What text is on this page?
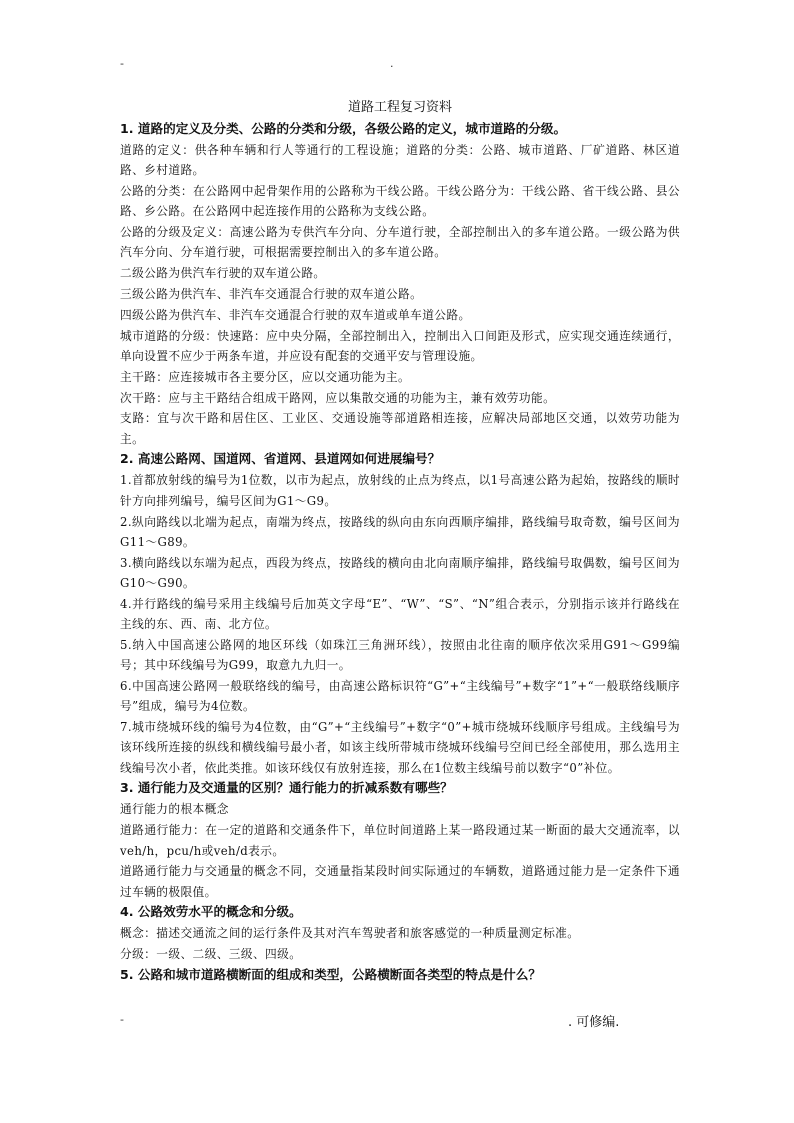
-	.
道路工程复习资料
1. 道路的定义及分类、公路的分类和分级，各级公路的定义，城市道路的分级。

道路的定义：供各种车辆和行人等通行的工程设施；道路的分类：公路、城市道路、厂矿道路、林区道路、乡村道路。

公路的分类：在公路网中起骨架作用的公路称为干线公路。干线公路分为：干线公路、省干线公路、县公路、乡公路。在公路网中起连接作用的公路称为支线公路。

公路的分级及定义：高速公路为专供汽车分向、分车道行驶，全部控制出入的多车道公路。一级公路为供汽车分向、分车道行驶，可根据需要控制出入的多车道公路。

二级公路为供汽车行驶的双车道公路。

三级公路为供汽车、非汽车交通混合行驶的双车道公路。

四级公路为供汽车、非汽车交通混合行驶的双车道或单车道公路。

城市道路的分级：快速路：应中央分隔，全部控制出入，控制出入口间距及形式，应实现交通连续通行，单向设置不应少于两条车道，并应设有配套的交通平安与管理设施。

主干路：应连接城市各主要分区，应以交通功能为主。

次干路：应与主干路结合组成干路网，应以集散交通的功能为主，兼有效劳功能。

支路：宜与次干路和居住区、工业区、交通设施等部道路相连接，应解决局部地区交通，以效劳功能为主。

2. 高速公路网、国道网、省道网、县道网如何进展编号？

1.首都放射线的编号为1位数，以市为起点，放射线的止点为终点，以1号高速公路为起始，按路线的顺时针方向排列编号，编号区间为G1～G9。

2.纵向路线以北端为起点，南端为终点，按路线的纵向由东向西顺序编排，路线编号取奇数，编号区间为G11～G89。

3.横向路线以东端为起点，西段为终点，按路线的横向由北向南顺序编排，路线编号取偶数，编号区间为G10～G90。

4.并行路线的编号采用主线编号后加英文字母“E”、“W”、“S”、“N”组合表示，分别指示该并行路线在主线的东、西、南、北方位。

5.纳入中国高速公路网的地区环线（如珠江三角洲环线），按照由北往南的顺序依次采用G91～G99编号；其中环线编号为G99，取意九九归一。

6.中国高速公路网一般联络线的编号，由高速公路标识符“G”+“主线编号”+数字“1”+“一般联络线顺序号”组成，编号为4位数。

7.城市绕城环线的编号为4位数，由“G”+“主线编号”+数字“0”+城市绕城环线顺序号组成。主线编号为该环线所连接的纵线和横线编号最小者，如该主线所带城市绕城环线编号空间已经全部使用，那么选用主线编号次小者，依此类推。如该环线仅有放射连接，那么在1位数主线编号前以数字“0”补位。

3. 通行能力及交通量的区别？通行能力的折减系数有哪些？

通行能力的根本概念

道路通行能力：在一定的道路和交通条件下，单位时间道路上某一路段通过某一断面的最大交通流率，以veh/h，pcu/h或veh/d表示。

道路通行能力与交通量的概念不同，交通量指某段时间实际通过的车辆数，道路通过能力是一定条件下通过车辆的极限值。

4. 公路效劳水平的概念和分级。

概念：描述交通流之间的运行条件及其对汽车驾驶者和旅客感觉的一种质量测定标准。

分级：一级、二级、三级、四级。

5. 公路和城市道路横断面的组成和类型，公路横断面各类型的特点是什么？
-	. 可修编.
